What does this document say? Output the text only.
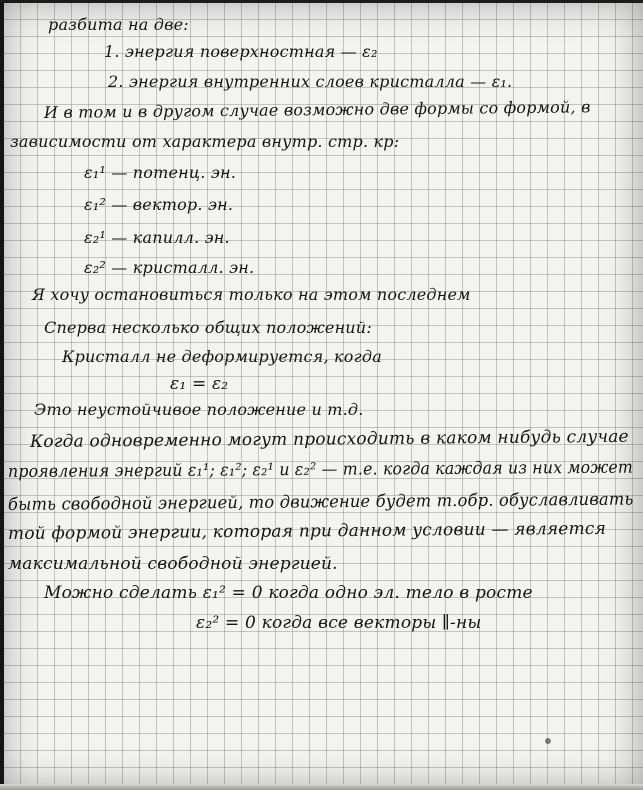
разбита на две:
1. энергия поверхностная — ε₂
2. энергия внутренних слоев кристалла — ε₁.
И в том и в другом случае возможно две формы со формой, в
зависимости от характера внутр. стр. кр:
ε₁¹ — потенц. эн.
ε₁² — вектор. эн.
ε₂¹ — капилл. эн.
ε₂² — кристалл. эн.
Я хочу остановиться только на этом последнем
Сперва несколько общих положений:
Кристалл не деформируется, когда
ε₁ = ε₂
Это неустойчивое положение и т.д.
Когда одновременно могут происходить в каком нибудь случае
проявления энергий ε₁¹; ε₁²; ε₂¹ и ε₂² — т.е. когда каждая из них может
быть свободной энергией, то движение будет т.обр. обуславливать
той формой энергии, которая при данном условии — является
максимальной свободной энергией.
Можно сделать ε₁² = 0 когда одно эл. тело в росте
ε₂² = 0 когда все векторы ∥-ны
